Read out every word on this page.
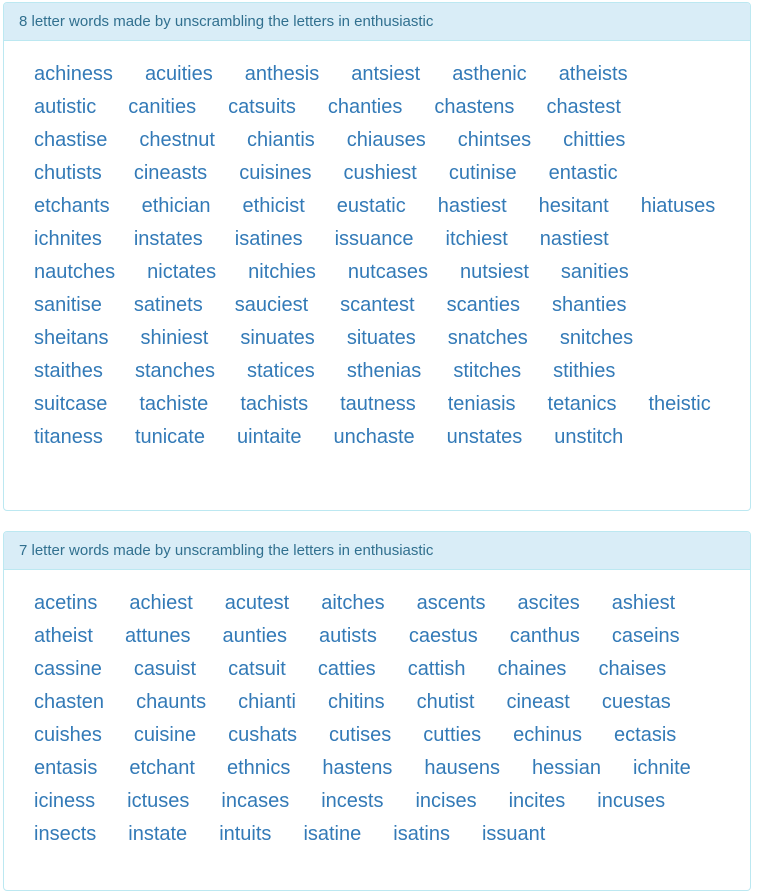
8 letter words made by unscrambling the letters in enthusiastic
achiness	acuities	anthesis	antsiest	asthenic	atheists
autistic	canities	catsuits	chanties	chastens	chastest
chastise	chestnut	chiantis	chiauses	chintses	chitties
chutists	cineasts	cuisines	cushiest	cutinise	entastic
etchants	ethician	ethicist	eustatic	hastiest	hesitant	hiatuses
ichnites	instates	isatines	issuance	itchiest	nastiest
nautches	nictates	nitchies	nutcases	nutsiest	sanities
sanitise	satinets	sauciest	scantest	scanties	shanties
sheitans	shiniest	sinuates	situates	snatches	snitches
staithes	stanches	statices	sthenias	stitches	stithies
suitcase	tachiste	tachists	tautness	teniasis	tetanics	theistic
titaness	tunicate	uintaite	unchaste	unstates	unstitch
7 letter words made by unscrambling the letters in enthusiastic
acetins	achiest	acutest	aitches	ascents	ascites	ashiest
atheist	attunes	aunties	autists	caestus	canthus	caseins
cassine	casuist	catsuit	catties	cattish	chaines	chaises
chasten	chaunts	chianti	chitins	chutist	cineast	cuestas
cuishes	cuisine	cushats	cutises	cutties	echinus	ectasis
entasis	etchant	ethnics	hastens	hausens	hessian	ichnite
iciness	ictuses	incases	incests	incises	incites	incuses
insects	instate	intuits	isatine	isatins	issuant
